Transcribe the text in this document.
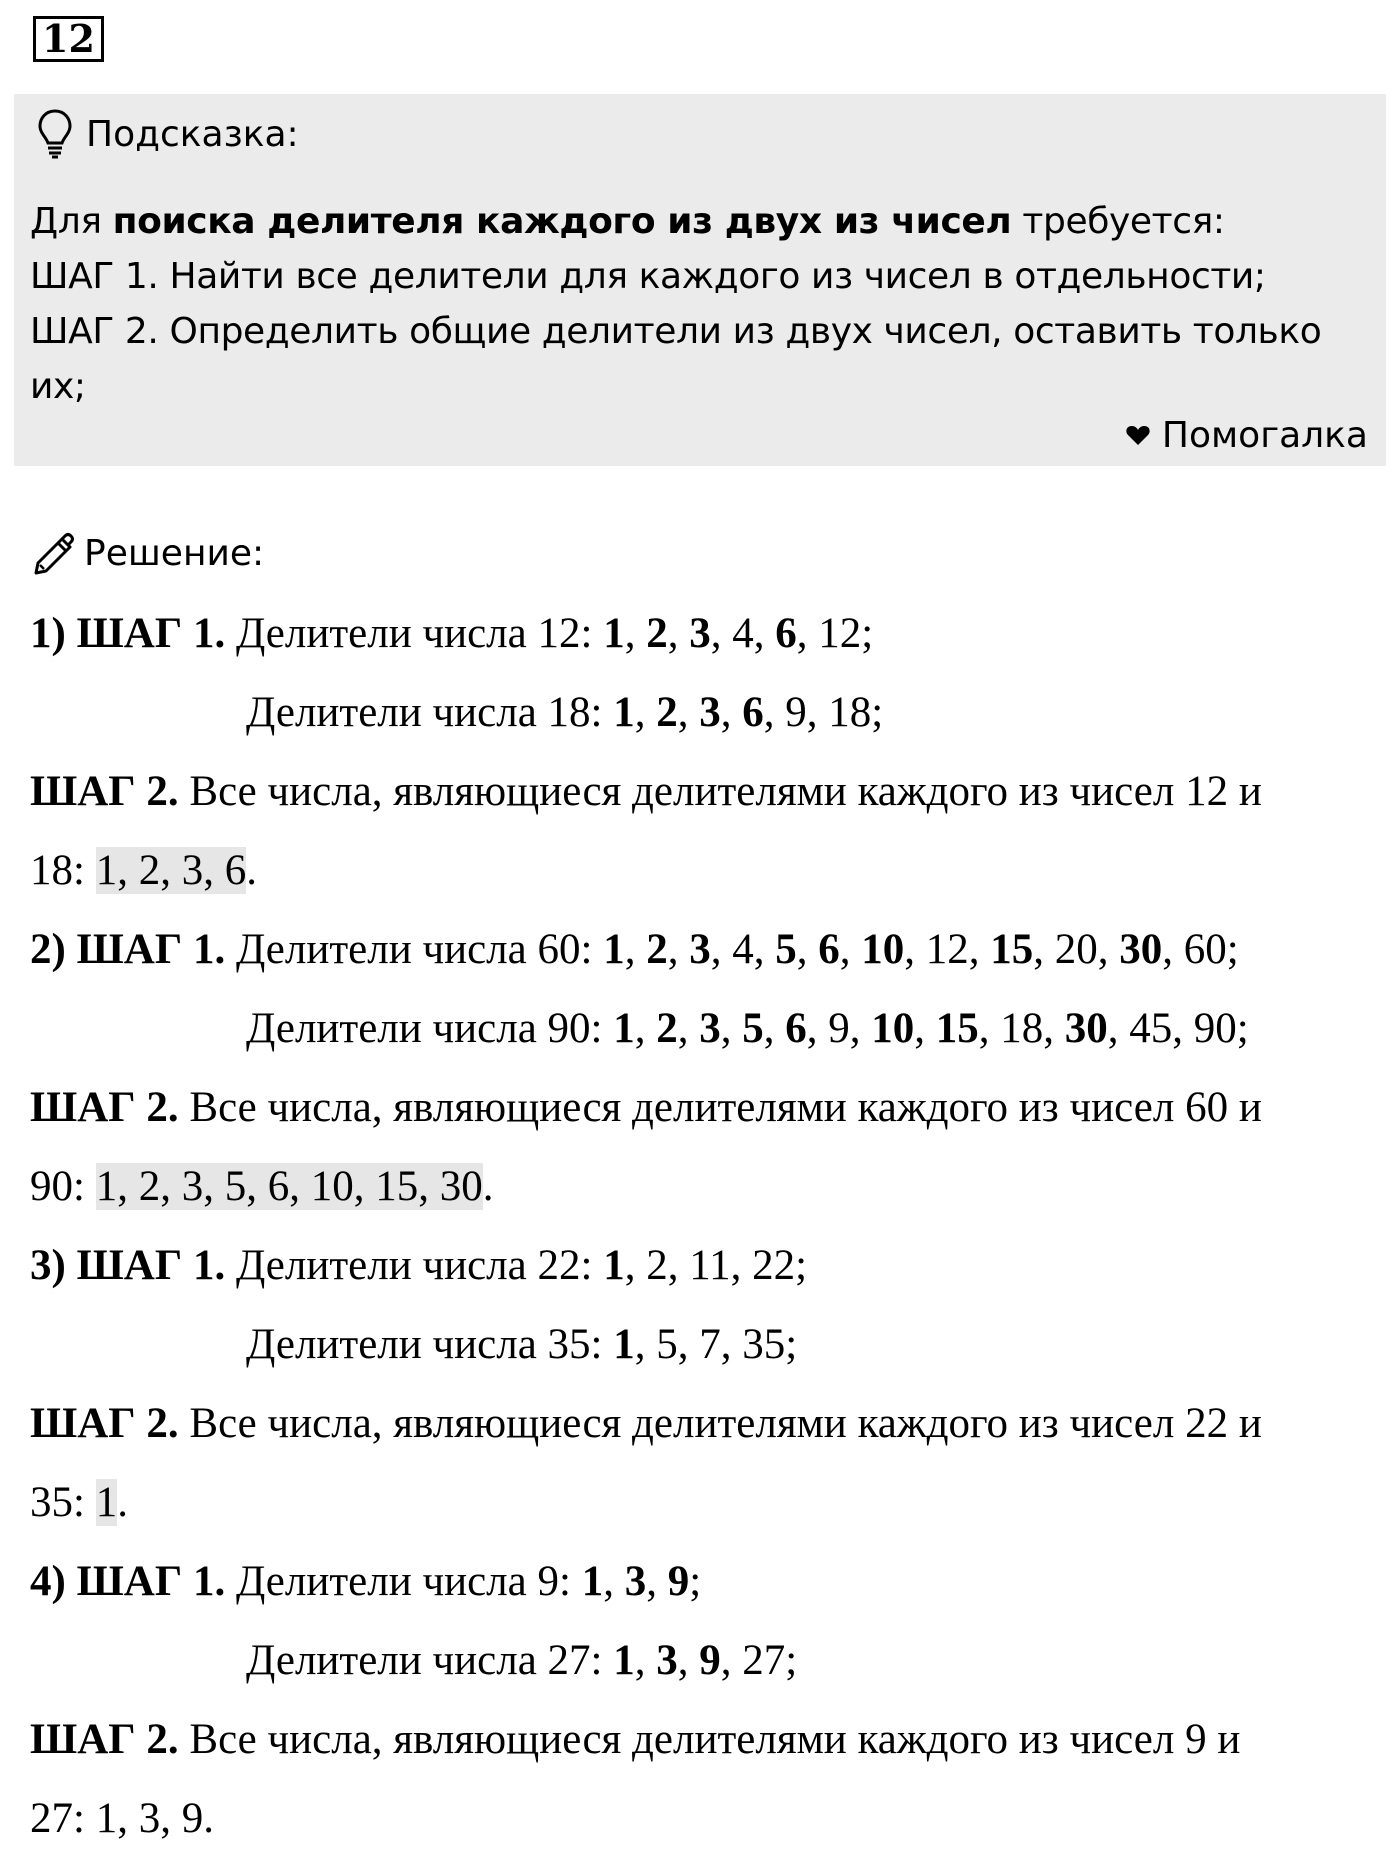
12
Подсказка:
Для поиска делителя каждого из двух из чисел требуется:
ШАГ 1. Найти все делители для каждого из чисел в отдельности;
ШАГ 2. Определить общие делители из двух чисел, оставить только
их;
Помогалка
Решение:
1) ШАГ 1. Делители числа 12: 1, 2, 3, 4, 6, 12;
Делители числа 18: 1, 2, 3, 6, 9, 18;
ШАГ 2. Все числа, являющиеся делителями каждого из чисел 12 и
18: 1, 2, 3, 6.
2) ШАГ 1. Делители числа 60: 1, 2, 3, 4, 5, 6, 10, 12, 15, 20, 30, 60;
Делители числа 90: 1, 2, 3, 5, 6, 9, 10, 15, 18, 30, 45, 90;
ШАГ 2. Все числа, являющиеся делителями каждого из чисел 60 и
90: 1, 2, 3, 5, 6, 10, 15, 30.
3) ШАГ 1. Делители числа 22: 1, 2, 11, 22;
Делители числа 35: 1, 5, 7, 35;
ШАГ 2. Все числа, являющиеся делителями каждого из чисел 22 и
35: 1.
4) ШАГ 1. Делители числа 9: 1, 3, 9;
Делители числа 27: 1, 3, 9, 27;
ШАГ 2. Все числа, являющиеся делителями каждого из чисел 9 и
27: 1, 3, 9.
